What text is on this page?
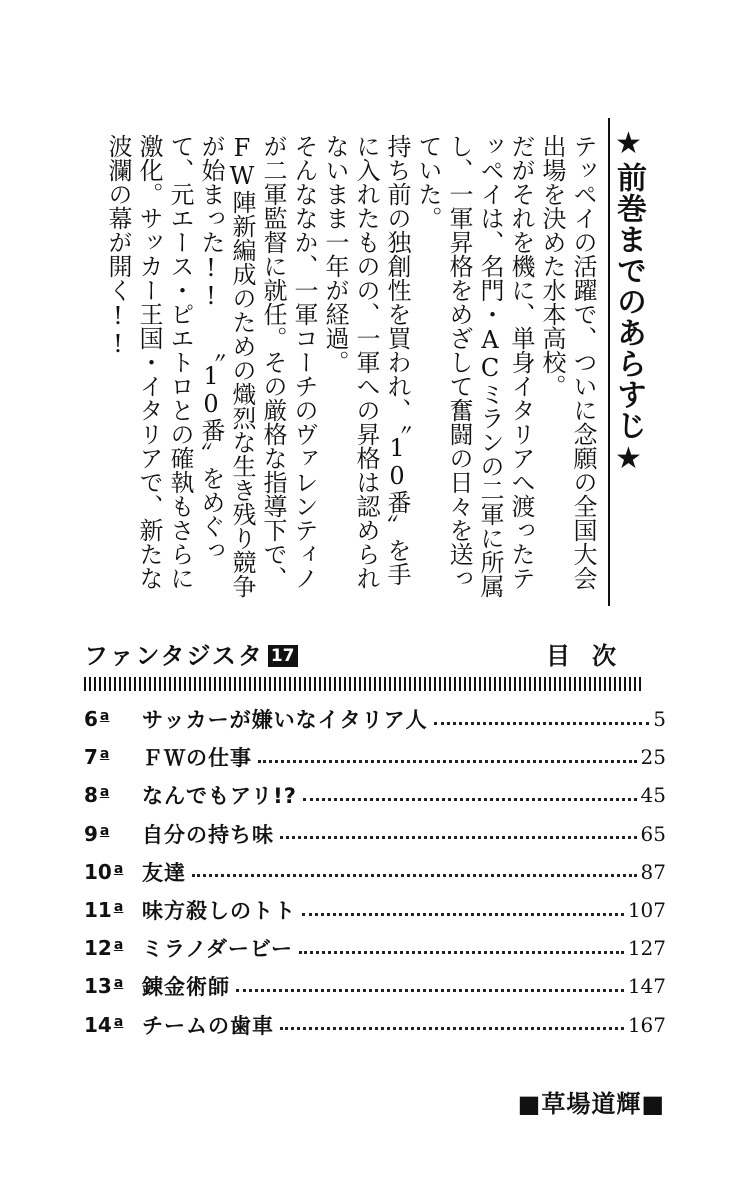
★前巻までのあらすじ★

テッペイの活躍で、ついに念願の全国大会出場を決めた水本高校。

だがそれを機に、単身イタリアへ渡ったテッペイは、名門・ACミランの二軍に所属し、一軍昇格をめざして奮闘の日々を送っていた。

持ち前の独創性を買われ、〝10番〟を手に入れたものの、一軍への昇格は認められないまま一年が経過。

そんななか、一軍コーチのヴァレンティノが二軍監督に就任。その厳格な指導下で、FW陣新編成のための熾烈な生き残り競争が始まった!! 〝10番〟をめぐって、元エース・ピエトロとの確執もさらに激化。サッカー王国・イタリアで、新たな波瀾の幕が開く!!

ファンタジスタ 17	目次
6 $^a$	サッカーが嫌いなイタリア人	5
7 $^a$	ＦＷの仕事	25
8 $^a$	なんでもアリ!?	45
9 $^a$	自分の持ち味	65
10 $^a$ 友達	87
11 $^a$ 味方殺しのトト	107
12 $^a$ ミラノダービー	127
13 $^a$ 錬金術師	147
14 $^a$ チームの歯車	167
■草場道輝■
